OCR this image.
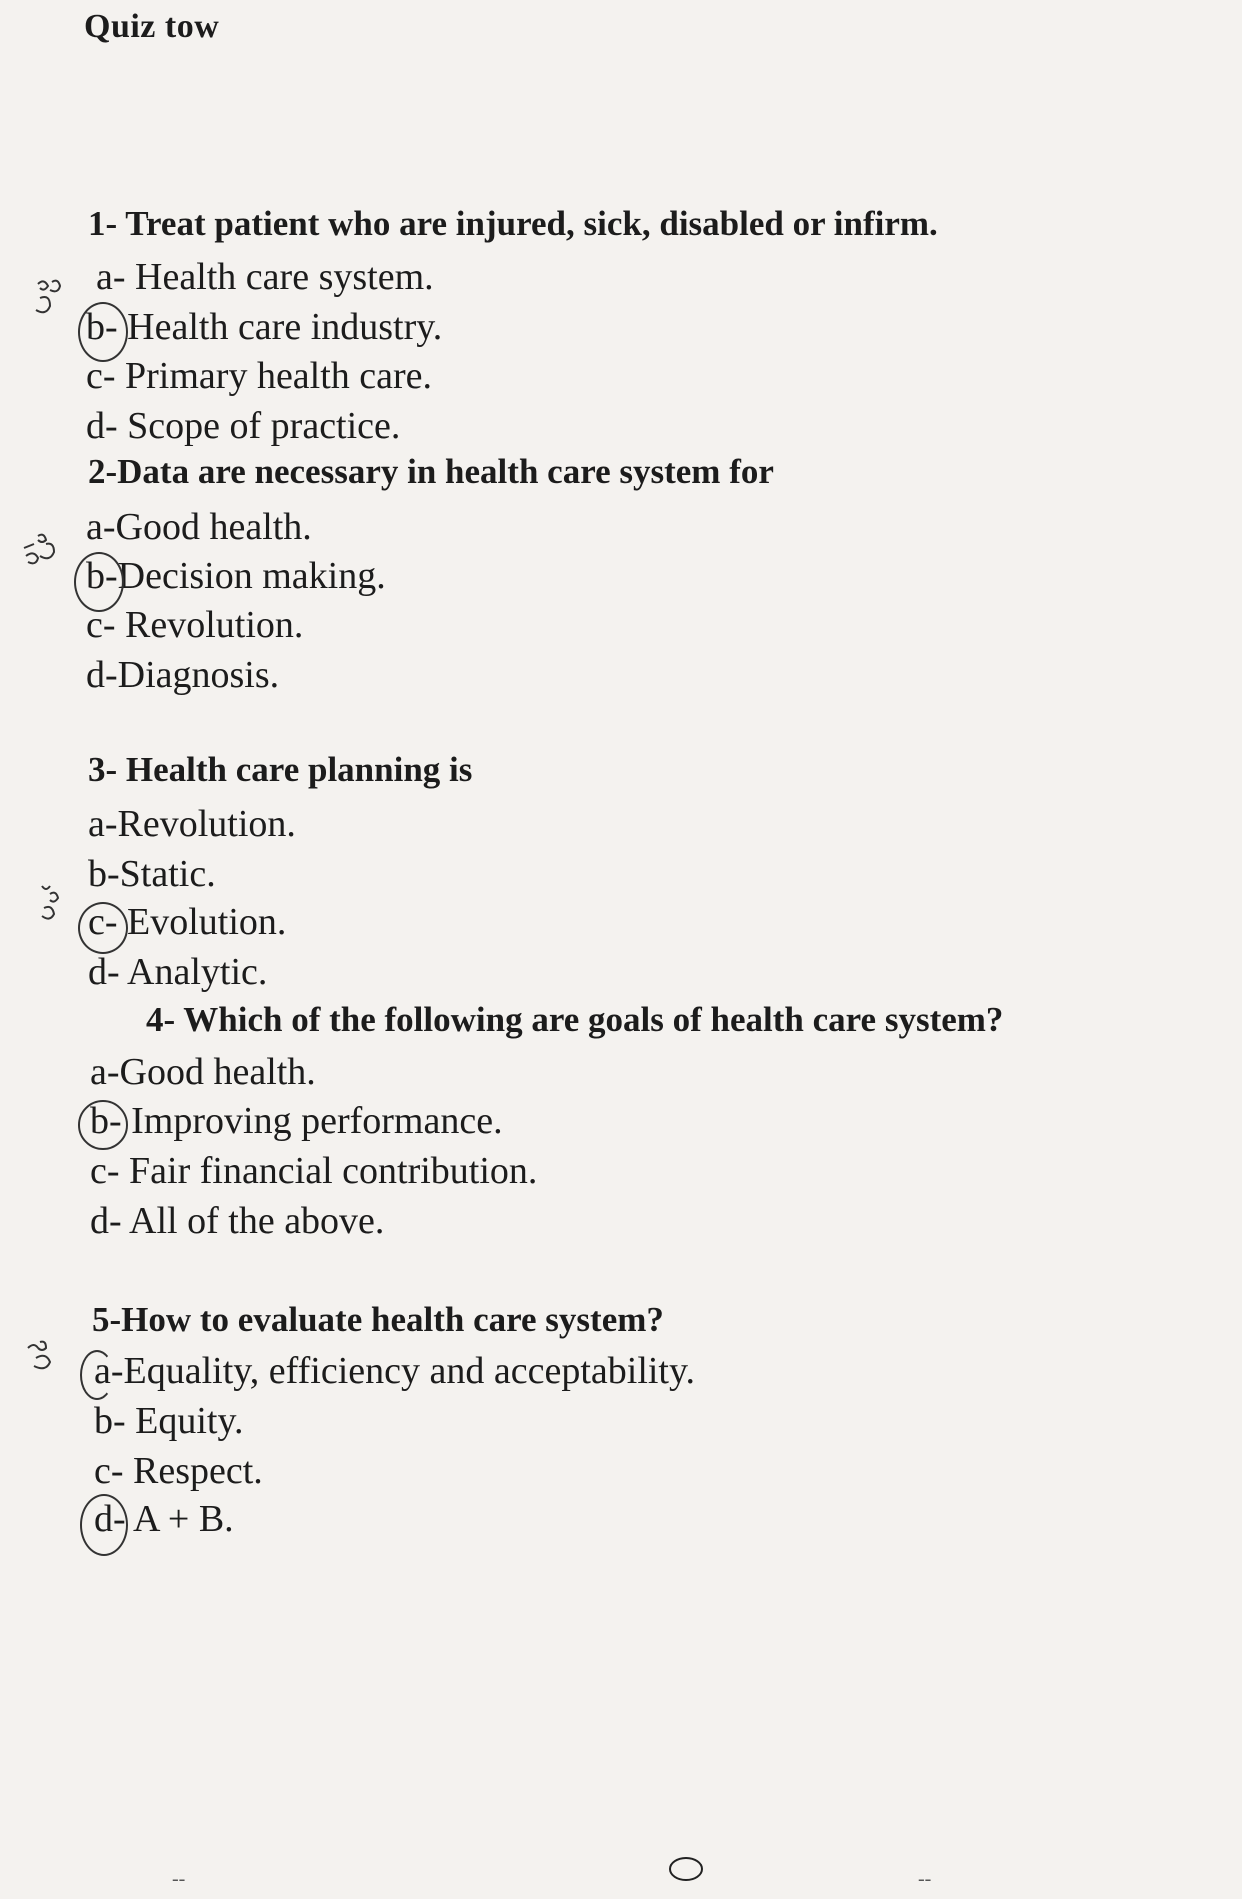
Quiz tow
1- Treat patient who are injured, sick, disabled or infirm.
a- Health care system.
b- Health care industry.
c- Primary health care.
d- Scope of practice.
2-Data are necessary in health care system for
a-Good health.
b-Decision making.
c- Revolution.
d-Diagnosis.
3- Health care planning is
a-Revolution.
b-Static.
c- Evolution.
d- Analytic.
4- Which of the following are goals of health care system?
a-Good health.
b- Improving performance.
c- Fair financial contribution.
d- All of the above.
5-How to evaluate health care system?
a-Equality, efficiency and acceptability.
b- Equity.
c- Respect.
d- A + B.
--	--
